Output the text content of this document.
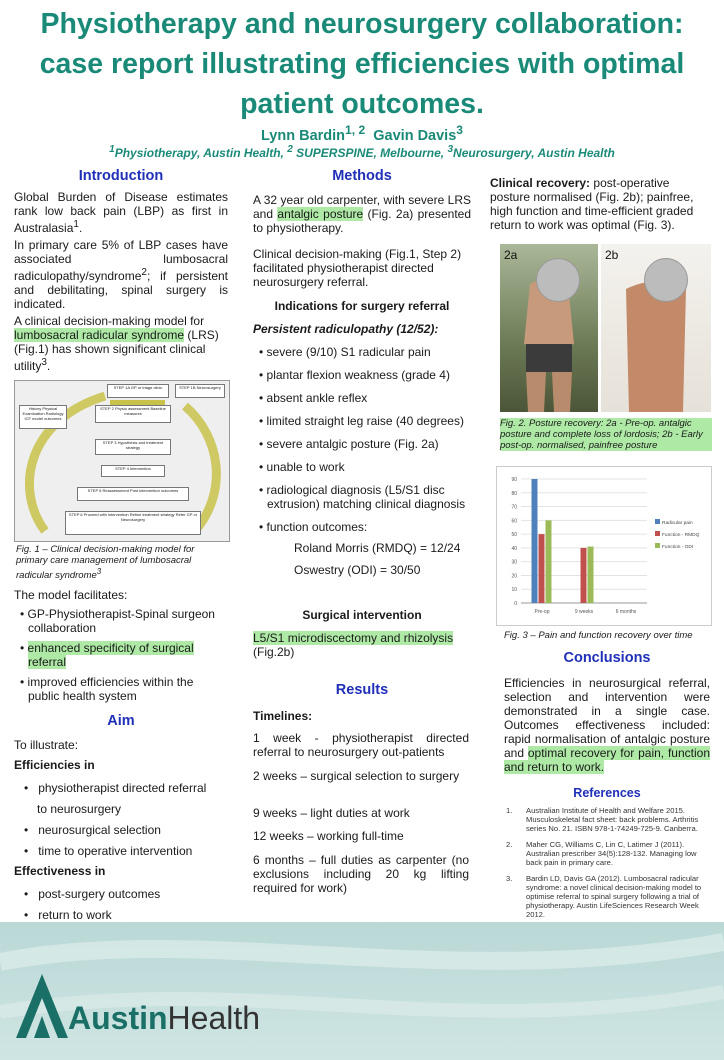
Physiotherapy and neurosurgery collaboration: case report illustrating efficiencies with optimal patient outcomes.
Lynn Bardin$^{1, 2}$ Gavin Davis$^3$
$^1$Physiotherapy, Austin Health, $^2$ SUPERSPINE, Melbourne, $^3$Neurosurgery, Austin Health
Introduction
Global Burden of Disease estimates rank low back pain (LBP) as first in Australasia$^1$.
In primary care 5% of LBP cases have associated lumbosacral radiculopathy/syndrome$^2$; if persistent and debilitating, spinal surgery is indicated.
A clinical decision-making model for lumbosacral radicular syndrome (LRS) (Fig.1) has shown significant clinical utility$^3$.
STEP 1A GP or triage clinic	STEP 1B Neurosurgery
STEP 2 Physio assessment Baseline measures
History Physical Examination Radiology ICF model outcomes
STEP 3 Hypothesis and treatment strategy
STEP 4 Intervention
STEP 5 Reassessment Post intervention outcomes
STEP 6 Proceed with intervention Refine treatment strategy Refer GP or Neurosurgery
Fig. 1 – Clinical decision-making model for primary care management of lumbosacral radicular syndrome$^3$
The model facilitates:
• GP-Physiotherapist-Spinal surgeon collaboration
• enhanced specificity of surgical referral
• improved efficiencies within the public health system
Aim
To illustrate:
Efficiencies in
•   physiotherapist directed referral
to neurosurgery
•   neurosurgical selection
•   time to operative intervention
Effectiveness in
•   post-surgery outcomes
•   return to work
Methods
A 32 year old carpenter, with severe LRS and antalgic posture (Fig. 2a) presented to physiotherapy.
Clinical decision-making (Fig.1, Step 2) facilitated physiotherapist directed neurosurgery referral.
Indications for surgery referral
Persistent radiculopathy (12/52):
• severe (9/10) S1 radicular pain
• plantar flexion weakness (grade 4)
• absent ankle reflex
• limited straight leg raise (40 degrees)
• severe antalgic posture (Fig. 2a)
• unable to work
• radiological diagnosis (L5/S1 disc extrusion) matching clinical diagnosis
• function outcomes:
Roland Morris (RMDQ) = 12/24
Oswestry (ODI) = 30/50
Surgical intervention
L5/S1 microdiscectomy and rhizolysis (Fig.2b)
Results
Timelines:
1 week - physiotherapist directed referral to neurosurgery out-patients
2 weeks – surgical selection to surgery
9 weeks – light duties at work
12 weeks – working full-time
6 months – full duties as carpenter (no exclusions including 20 kg lifting required for work)
Clinical recovery: post-operative posture normalised (Fig. 2b); painfree, high function and time-efficient graded return to work was optimal (Fig. 3).
2a	2b
Fig. 2. Posture recovery: 2a - Pre-op. antalgic posture and complete loss of lordosis; 2b - Early post-op. normalised, painfree posture
0
10
20
30
40
50
60
70
80
90
Pre-op	9 weeks	6 months
Radicular pain
Function - RMDQ
Function - ODI
Fig. 3 – Pain and function recovery over time
Conclusions
Efficiencies in neurosurgical referral, selection and intervention were demonstrated in a single case. Outcomes effectiveness included: rapid normalisation of antalgic posture and optimal recovery for pain, function and return to work.
References
1.	Australian Institute of Health and Welfare 2015. Musculoskeletal fact sheet: back problems. Arthritis series No. 21. ISBN 978-1-74249-725-9. Canberra.
2.	Maher CG, Williams C, Lin C, Latimer J (2011). Australian prescriber 34(5):128-132. Managing low back pain in primary care.
3.	Bardin LD, Davis GA (2012). Lumbosacral radicular syndrome: a novel clinical decision-making model to optimise referral to spinal surgery following a trial of physiotherapy. Austin LifeSciences Research Week 2012.
AustinHealth
